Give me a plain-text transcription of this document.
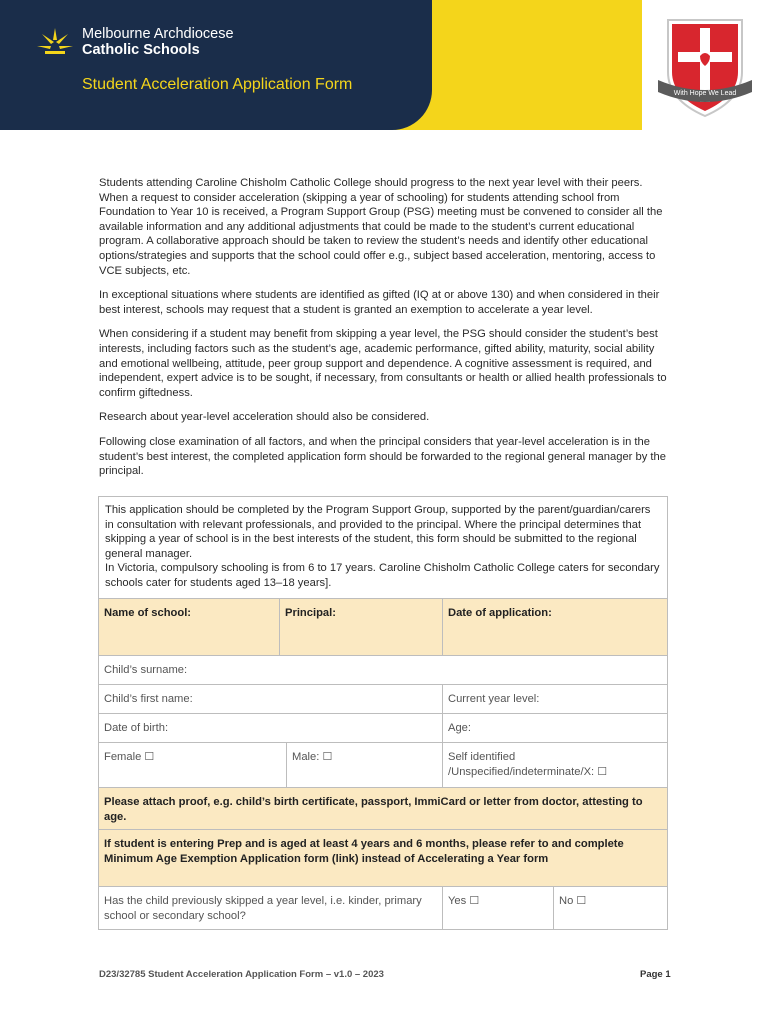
Melbourne Archdiocese
Catholic Schools
Student Acceleration Application Form
With Hope We Lead

Students attending Caroline Chisholm Catholic College should progress to the next year level with their peers. When a request to consider acceleration (skipping a year of schooling) for students attending school from Foundation to Year 10 is received, a Program Support Group (PSG) meeting must be convened to consider all the available information and any additional adjustments that could be made to the student’s current educational program. A collaborative approach should be taken to review the student’s needs and identify other educational options/strategies and supports that the school could offer e.g., subject based acceleration, mentoring, access to VCE subjects, etc.

In exceptional situations where students are identified as gifted (IQ at or above 130) and when considered in their best interest, schools may request that a student is granted an exemption to accelerate a year level.

When considering if a student may benefit from skipping a year level, the PSG should consider the student’s best interests, including factors such as the student’s age, academic performance, gifted ability, maturity, social ability and emotional wellbeing, attitude, peer group support and dependence. A cognitive assessment is required, and independent, expert advice is to be sought, if necessary, from consultants or health or allied health professionals to confirm giftedness.

Research about year-level acceleration should also be considered.

Following close examination of all factors, and when the principal considers that year-level acceleration is in the student’s best interest, the completed application form should be forwarded to the regional general manager by the principal.

This application should be completed by the Program Support Group, supported by the parent/guardian/carers in consultation with relevant professionals, and provided to the principal. Where the principal determines that skipping a year of school is in the best interests of the student, this form should be submitted to the regional general manager.

In Victoria, compulsory schooling is from 6 to 17 years. Caroline Chisholm Catholic College caters for secondary schools cater for students aged 13–18 years].

Name of school:	Principal:	Date of application:
Child’s surname:
Child’s first name:	Current year level:
Date of birth:	Age:
Female ☐	Male: ☐	Self identified /Unspecified/indeterminate/X: ☐
Please attach proof, e.g. child’s birth certificate, passport, ImmiCard or letter from doctor, attesting to age.
If student is entering Prep and is aged at least 4 years and 6 months, please refer to and complete Minimum Age Exemption Application form (link) instead of Accelerating a Year form
Has the child previously skipped a year level, i.e. kinder, primary school or secondary school?
Yes ☐	No ☐
D23/32785 Student Acceleration Application Form – v1.0 – 2023	Page 1
